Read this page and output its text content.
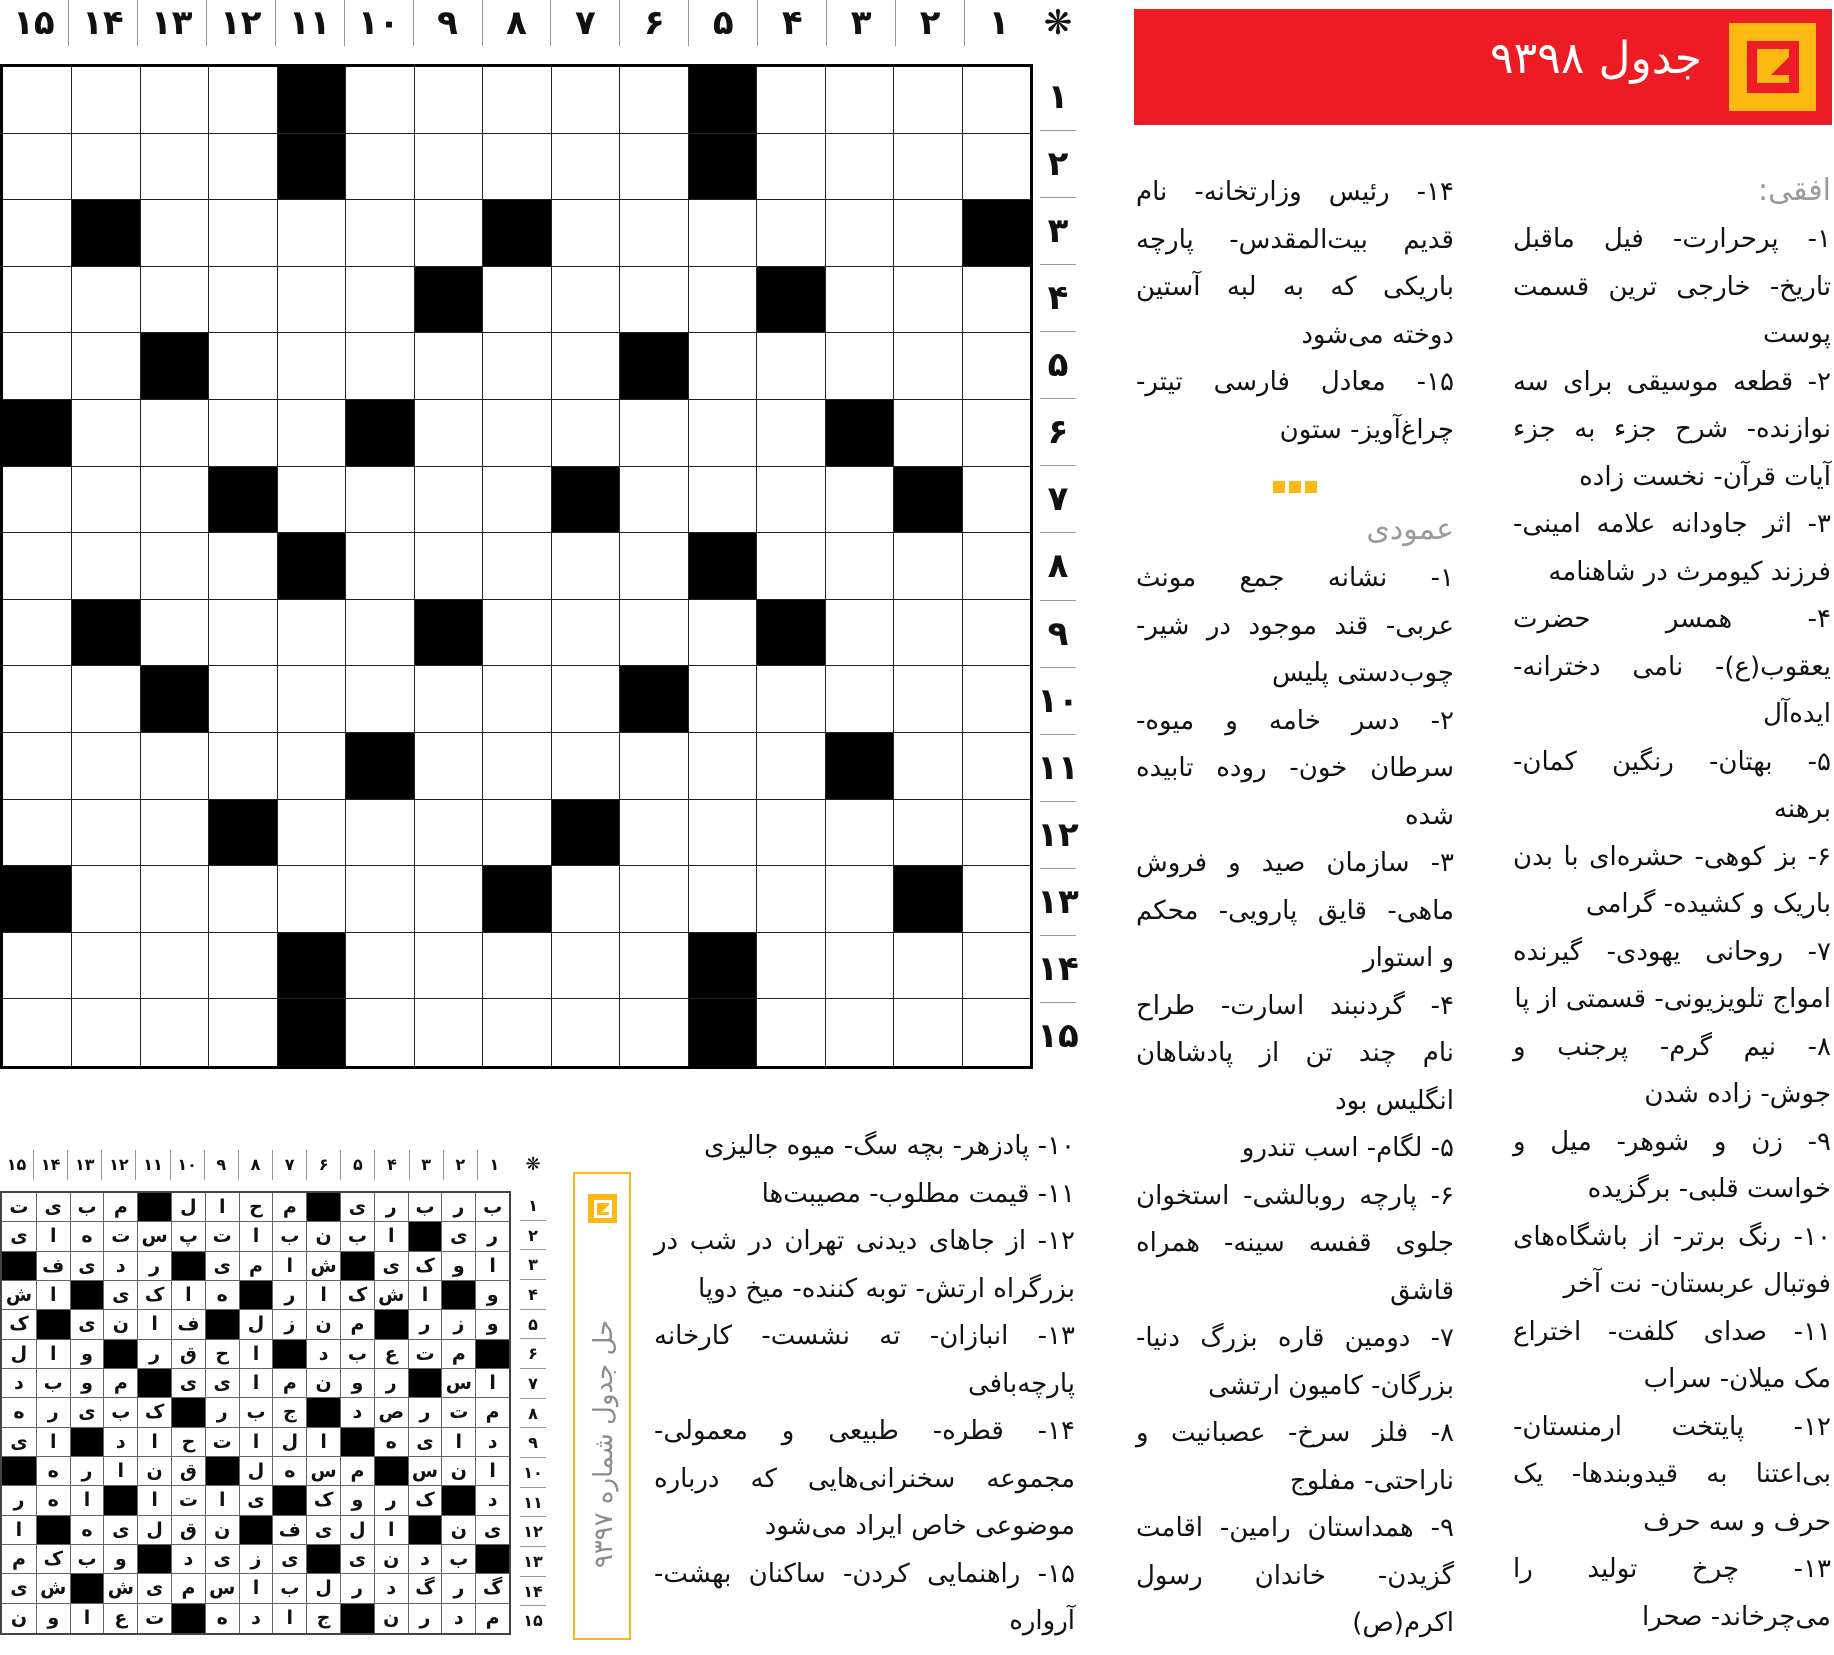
جدول ۹۳۹۸
۱
۲
۳
۴
۵
۶
۷
۸
۹
۱۰
۱۱
۱۲
۱۳
۱۴
۱۵	❋
۱
۲
۳
۴
۵
۶
۷
۸
۹
۱۰
۱۱
۱۲
۱۳
۱۴
۱۵
افقی:
۱- پرحرارت- فیل ماقبل
تاریخ- خارجی ترین قسمت
پوست
۲- قطعه موسیقی برای سه
نوازنده- شرح جزء به جزء
آیات قرآن- نخست زاده
۳- اثر جاودانه علامه امینی-
فرزند کیومرث در شاهنامه
۴- همسر حضرت
یعقوب(ع)- نامی دخترانه-
ایده‌آل
۵- بهتان- رنگین کمان-
برهنه
۶- بز کوهی- حشره‌ای با بدن
باریک و کشیده- گرامی
۷- روحانی یهودی- گیرنده
امواج تلویزیونی- قسمتی از پا
۸- نیم گرم- پرجنب و
جوش- زاده شدن
۹- زن و شوهر- میل و
خواست قلبی- برگزیده
۱۰- رنگ برتر- از باشگاه‌های
فوتبال عربستان- نت آخر
۱۱- صدای کلفت- اختراع
مک میلان- سراب
۱۲- پایتخت ارمنستان-
بی‌اعتنا به قیدوبندها- یک
حرف و سه حرف
۱۳- چرخ تولید را
می‌چرخاند- صحرا
۱۴- رئیس وزارتخانه- نام
قدیم بیت‌المقدس- پارچه
باریکی که به لبه آستین
دوخته می‌شود
۱۵- معادل فارسی تیتر-
چراغ‌آویز- ستون
عمودی
۱- نشانه جمع مونث
عربی- قند موجود در شیر-
چوب‌دستی پلیس
۲- دسر خامه و میوه-
سرطان خون- روده تابیده
شده
۳- سازمان صید و فروش
ماهی- قایق پارویی- محکم
و استوار
۴- گردنبند اسارت- طراح
نام چند تن از پادشاهان
انگلیس بود
۵- لگام- اسب تندرو
۶- پارچه روبالشی- استخوان
جلوی قفسه سینه- همراه
قاشق
۷- دومین قاره بزرگ دنیا-
بزرگان- کامیون ارتشی
۸- فلز سرخ- عصبانیت و
ناراحتی- مفلوج
۹- همداستان رامین- اقامت
گزیدن- خاندان رسول
اکرم(ص)
۱۰- پادزهر- بچه سگ- میوه جالیزی
۱۱- قیمت مطلوب- مصیبت‌ها
۱۲- از جاهای دیدنی تهران در شب در
بزرگراه ارتش- توبه کننده- میخ دوپا
۱۳- انبازان- ته نشست- کارخانه
پارچه‌بافی
۱۴- قطره- طبیعی و معمولی-
مجموعه سخنرانی‌هایی که درباره
موضوعی خاص ایراد می‌شود
۱۵- راهنمایی کردن- ساکنان بهشت-
آرواره
حل جدول شماره ۹۳۹۷
۱
۲
۳
۴
۵
۶
۷
۸
۹
۱۰
۱۱
۱۲
۱۳
۱۴
۱۵	❋
۱
۲
۳
۴
۵
۶
۷
۸
۹
۱۰
۱۱
۱۲
۱۳
۱۴
۱۵
ب
ر
ب
ر
ی
م
ح
ا
ل
م
ب
ی
ت
ر
ی
ا
ب
ن
ب
ا
ت
پ
س
ت
ه
ا
ی
ا
و
ک
ی
ش
ا
م
ی
ر
د
ی
ف
و
ا
ش
ک
ا
ر
ه
ا
ک
ی
ا
ش
و
ز
ر
م
ن
ز
ل
ف
ا
ن
ی
ک
م
ت
ع
ب
د
ا
ح
ق
ر
و
ا
ل
ا
س
ر
و
ن
م
ا
ی
ی
م
و
ب
د
م
ت
ر
ص
د
ج
ب
ر
ک
ب
ی
ر
ه
د
ا
ی
ه
ا
ل
ا
ت
ح
ا
د
ا
ی
ا
ن
س
م
س
ه
ل
ق
ن
ا
ر
ه
د
ک
ر
و
ک
ی
ا
ت
ا
ا
ه
ر
ی
ن
ا
ل
ی
ف
ن
ق
ل
ی
ه
ا
ب
د
ن
ی
ی
ز
ی
د
و
ب
ک
م
گ
ر
گ
د
ر
ل
ب
ا
س
م
ی
ش
ش
ی
م
د
ر
ن
ج
ا
د
ه
ت
ع
ا
و
ن
